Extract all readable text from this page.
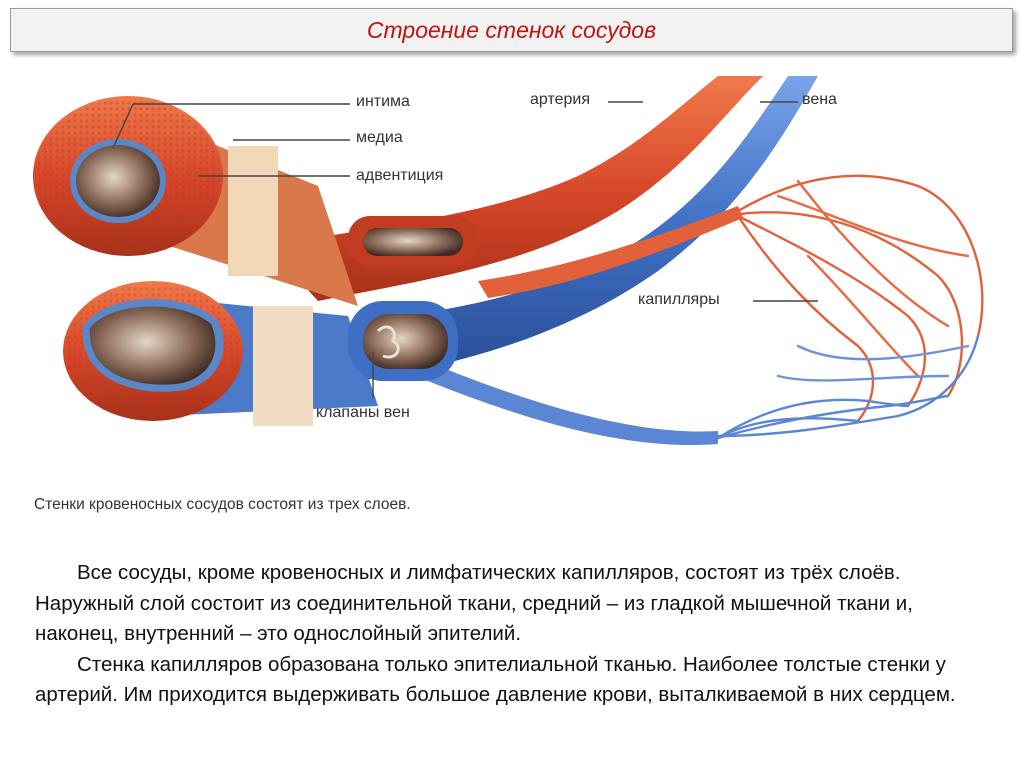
Строение стенок сосудов
интима
медиа
адвентиция
артерия	вена
капилляры
клапаны вен
Стенки кровеносных сосудов состоят из трех слоев.

Все сосуды, кроме кровеносных и лимфатических капилляров, состоят из трёх слоёв. Наружный слой состоит из соединительной ткани, средний – из гладкой мышечной ткани и, наконец, внутренний – это однослойный эпителий.

Стенка капилляров образована только эпителиальной тканью. Наиболее толстые стенки у артерий. Им приходится выдерживать большое давление крови, выталкиваемой в них сердцем.
